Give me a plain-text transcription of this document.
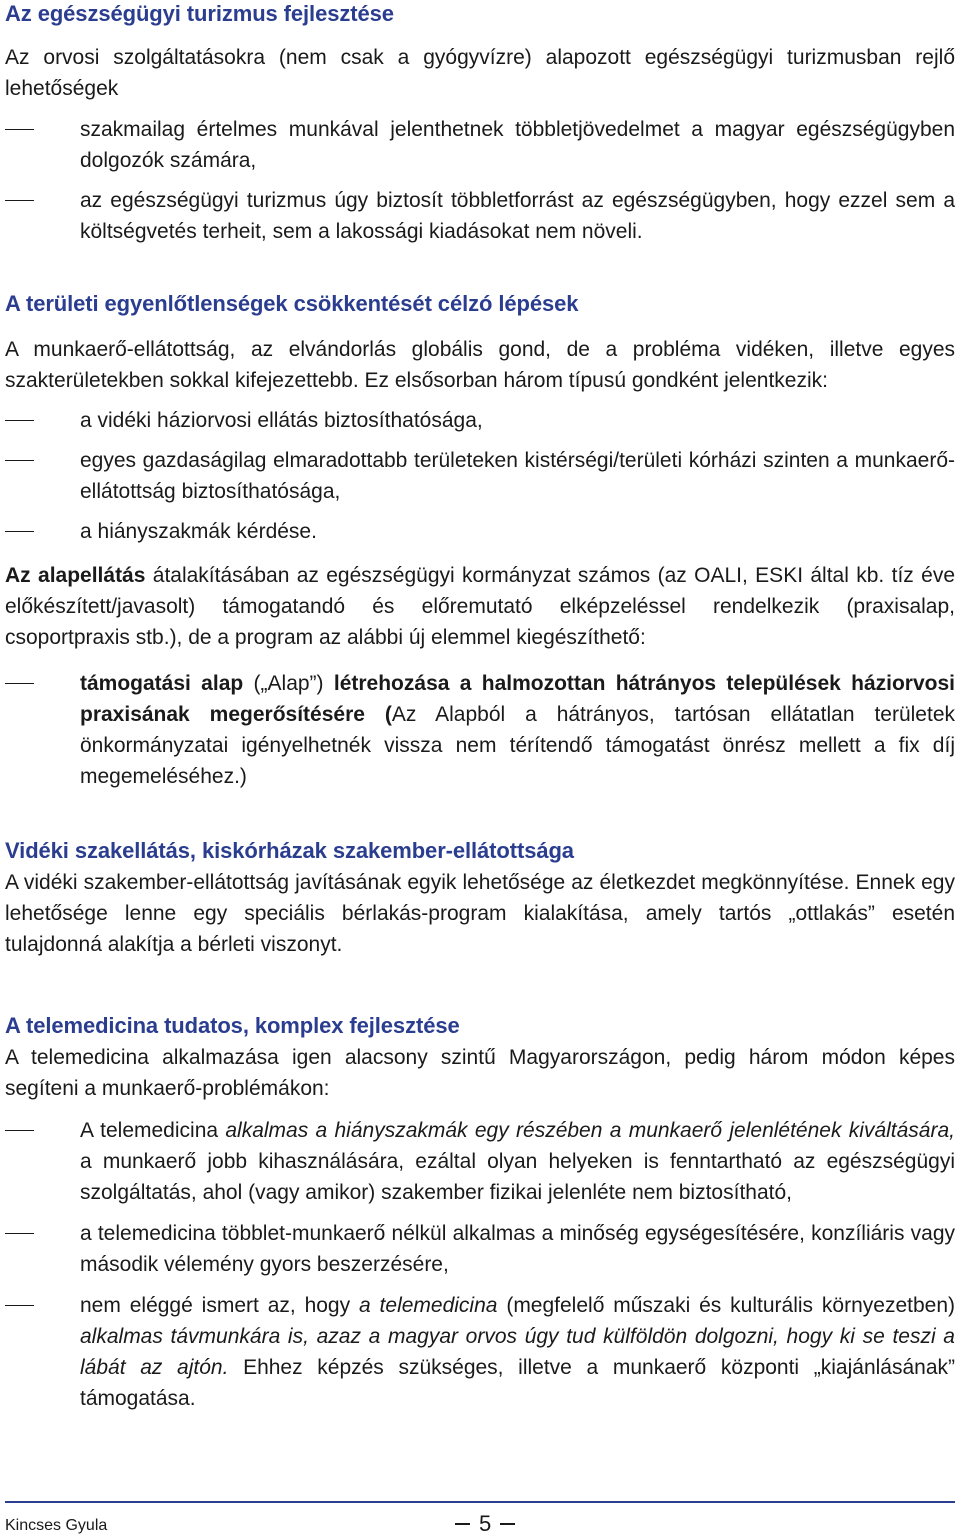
Az egészségügyi turizmus fejlesztése

Az orvosi szolgáltatásokra (nem csak a gyógyvízre) alapozott egészségügyi turizmusban rejlő lehetőségek

szakmailag értelmes munkával jelenthetnek többletjövedelmet a magyar egészségügyben dolgozók számára,
az egészségügyi turizmus úgy biztosít többletforrást az egészségügyben, hogy ezzel sem a költségvetés terheit, sem a lakossági kiadásokat nem növeli.
A területi egyenlőtlenségek csökkentését célzó lépések

A munkaerő-ellátottság, az elvándorlás globális gond, de a probléma vidéken, illetve egyes szakterületekben sokkal kifejezettebb. Ez elsősorban három típusú gondként jelentkezik:

a vidéki háziorvosi ellátás biztosíthatósága,
egyes gazdaságilag elmaradottabb területeken kistérségi/területi kórházi szinten a munkaerő-ellátottság biztosíthatósága,
a hiányszakmák kérdése.

Az alapellátás átalakításában az egészségügyi kormányzat számos (az OALI, ESKI által kb. tíz éve előkészített/javasolt) támogatandó és előremutató elképzeléssel rendelkezik (praxisalap, csoportpraxis stb.), de a program az alábbi új elemmel kiegészíthető:

támogatási alap („Alap”) létrehozása a halmozottan hátrányos települések háziorvosi praxisának megerősítésére (Az Alapból a hátrányos, tartósan ellátatlan területek önkormányzatai igényelhetnék vissza nem térítendő támogatást önrész mellett a fix díj megemeléséhez.)
Vidéki szakellátás, kiskórházak szakember-ellátottsága

A vidéki szakember-ellátottság javításának egyik lehetősége az életkezdet megkönnyítése. Ennek egy lehetősége lenne egy speciális bérlakás-program kialakítása, amely tartós „ottlakás” esetén tulajdonná alakítja a bérleti viszonyt.

A telemedicina tudatos, komplex fejlesztése

A telemedicina alkalmazása igen alacsony szintű Magyarországon, pedig három módon képes segíteni a munkaerő-problémákon:

A telemedicina alkalmas a hiányszakmák egy részében a munkaerő jelenlétének kiváltására, a munkaerő jobb kihasználására, ezáltal olyan helyeken is fenntartható az egészségügyi szolgáltatás, ahol (vagy amikor) szakember fizikai jelenléte nem biztosítható,
a telemedicina többlet-munkaerő nélkül alkalmas a minőség egységesítésére, konzíliáris vagy második vélemény gyors beszerzésére,
nem eléggé ismert az, hogy a telemedicina (megfelelő műszaki és kulturális környezetben) alkalmas távmunkára is, azaz a magyar orvos úgy tud külföldön dolgozni, hogy ki se teszi a lábát az ajtón. Ehhez képzés szükséges, illetve a munkaerő központi „kiajánlásának” támogatása.
Kincses Gyula	5
